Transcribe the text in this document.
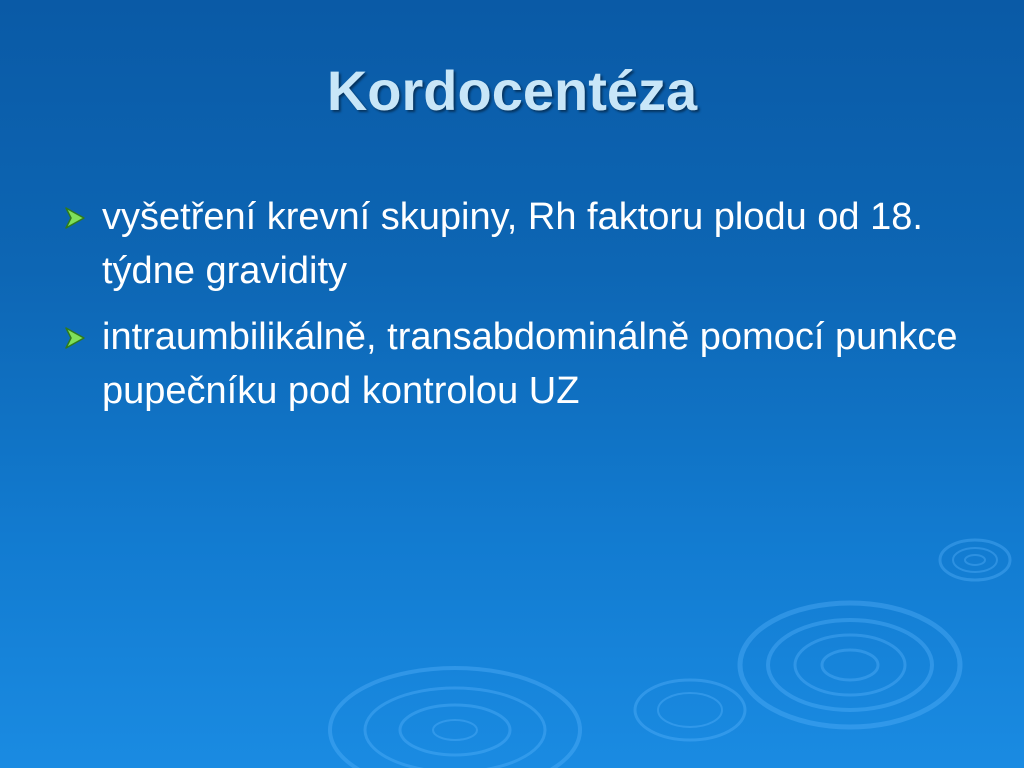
Kordocentéza
vyšetření krevní skupiny, Rh faktoru plodu od 18. týdne gravidity
intraumbilikálně, transabdominálně pomocí punkce pupečníku pod kontrolou UZ
